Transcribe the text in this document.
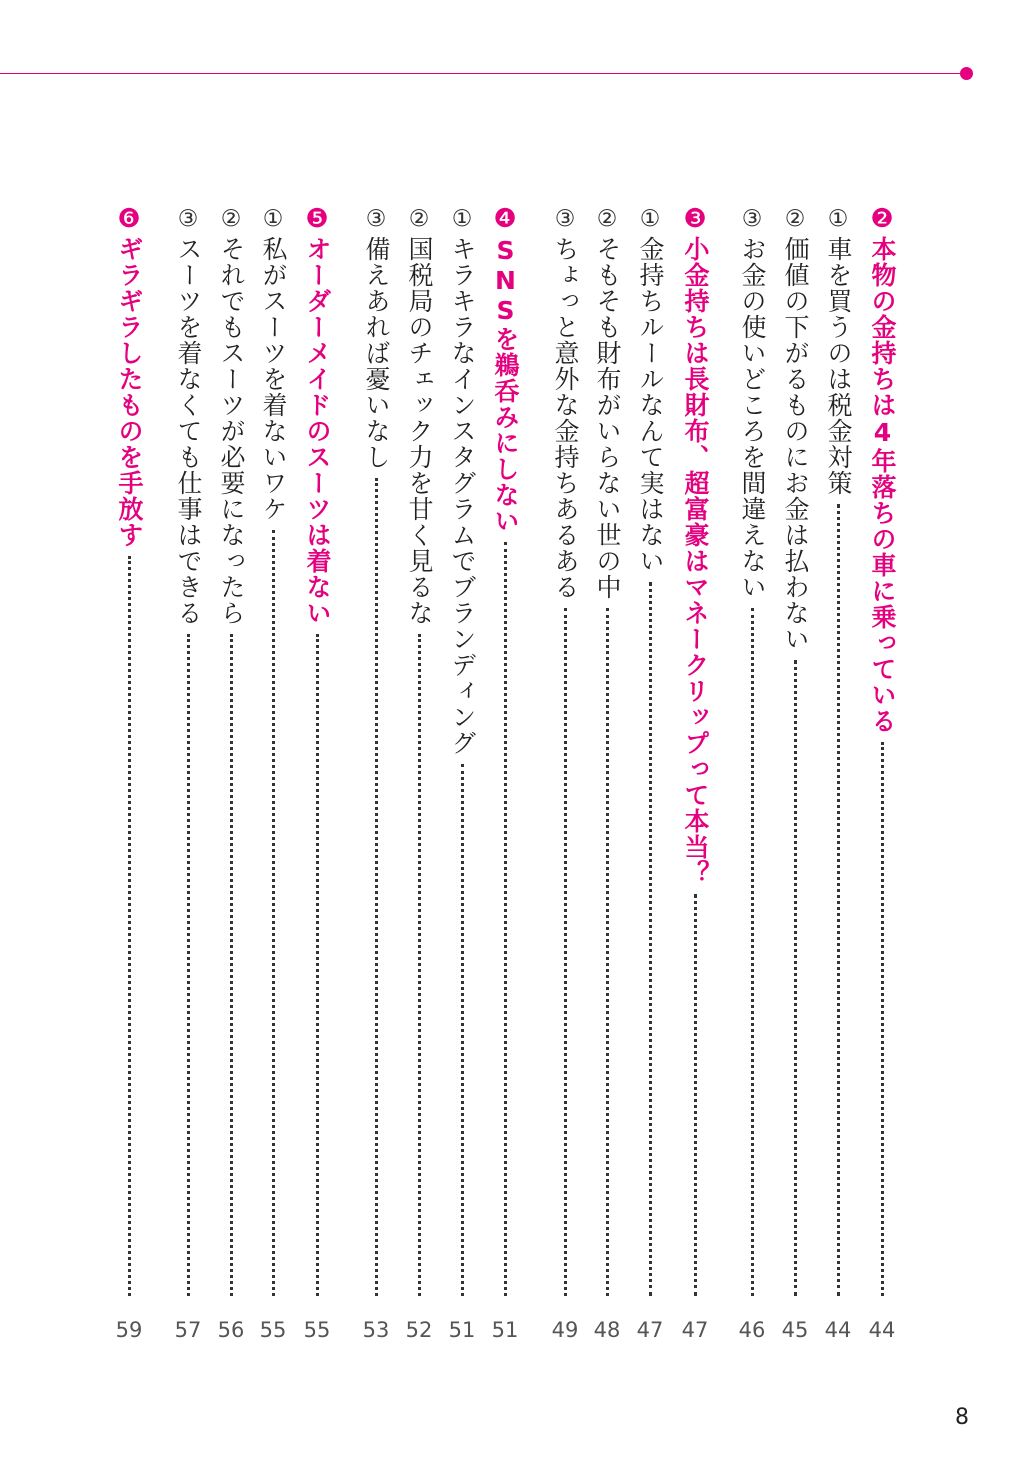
❷
本物の金持ちは4年落ちの車に乗っている
44
①
車を買うのは税金対策
44
②
価値の下がるものにお金は払わない
45
③
お金の使いどころを間違えない
46
❸
小金持ちは長財布、超富豪はマネークリップって本当？
47
①
金持ちルールなんて実はない
47
②
そもそも財布がいらない世の中
48
③
ちょっと意外な金持ちあるある
49
❹
SNSを鵜呑みにしない
51
①
キラキラなインスタグラムでブランディング
51
②
国税局のチェック力を甘く見るな
52
③
備えあれば憂いなし
53
❺
オーダーメイドのスーツは着ない
55
①
私がスーツを着ないワケ
55
②
それでもスーツが必要になったら
56
③
スーツを着なくても仕事はできる
57
❻
ギラギラしたものを手放す
59
8
